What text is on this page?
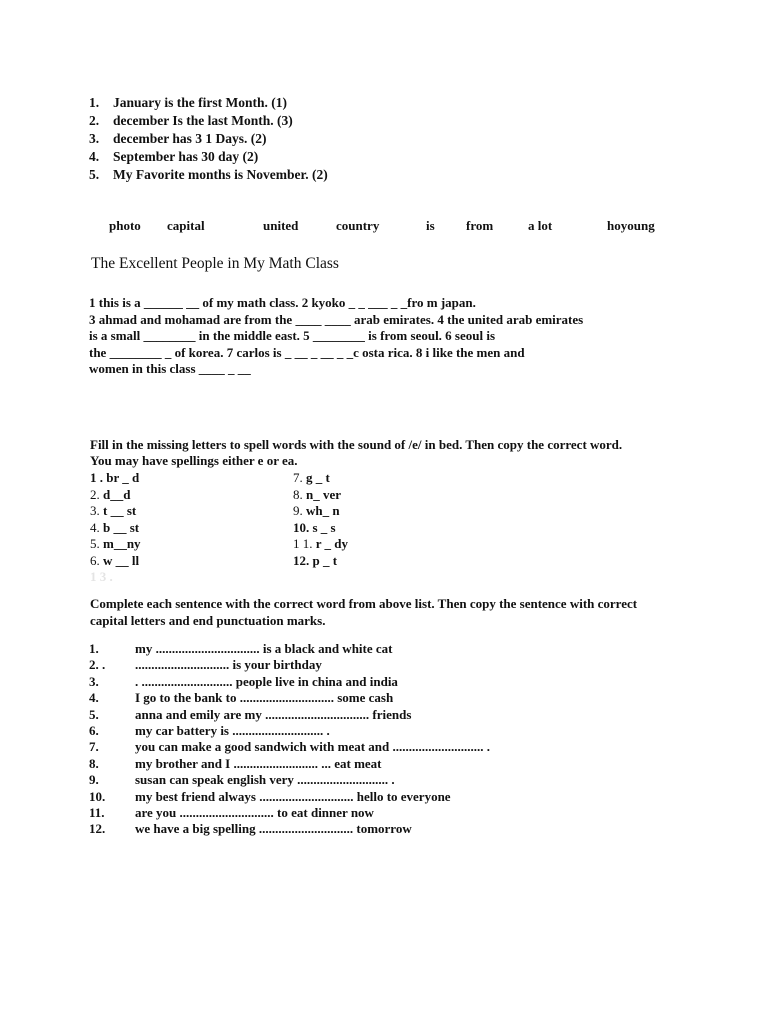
1.	January is the first Month. (1)
2.	december Is the last Month. (3)
3.	december has 3 1 Days. (2)
4.	September has 30 day (2)
5.	My Favorite months is November. (2)
photo capital	united	country	is from	a lot	hoyoung
The Excellent People in My Math Class
1 this is a ______ __ of my math class. 2 kyoko _ _ ___ _ _fro m japan.
3 ahmad and mohamad are from the ____ ____ arab emirates. 4 the united arab emirates
is a small ________ in the middle east. 5 ________ is from seoul. 6 seoul is
the ________ _ of korea. 7 carlos is _ __ _ __ _ _c osta rica. 8 i like the men and
women in this class ____ _ __
Fill in the missing letters to spell words with the sound of /e/ in bed. Then copy the correct word.
You may have spellings either e or ea.
1 . br _ d
2. d__d
3. t __ st
4. b __ st
5. m__ny
6. w __ ll
7. g _ t
8. n_ ver
9. wh_ n
10. s _ s
1 1. r _ dy
12. p _ t
1 3 .
Complete each sentence with the correct word from above list. Then copy the sentence with correct
capital letters and end punctuation marks.
1.	my ................................ is a black and white cat
2. .	............................. is your birthday
3.	. ............................ people live in china and india
4.	I go to the bank to ............................. some cash
5.	anna and emily are my ................................ friends
6.	my car battery is ............................ .
7.	you can make a good sandwich with meat and ............................ .
8.	my brother and I .......................... ... eat meat
9.	susan can speak english very ............................ .
10.	my best friend always ............................. hello to everyone
11.	are you ............................. to eat dinner now
12.	we have a big spelling ............................. tomorrow
